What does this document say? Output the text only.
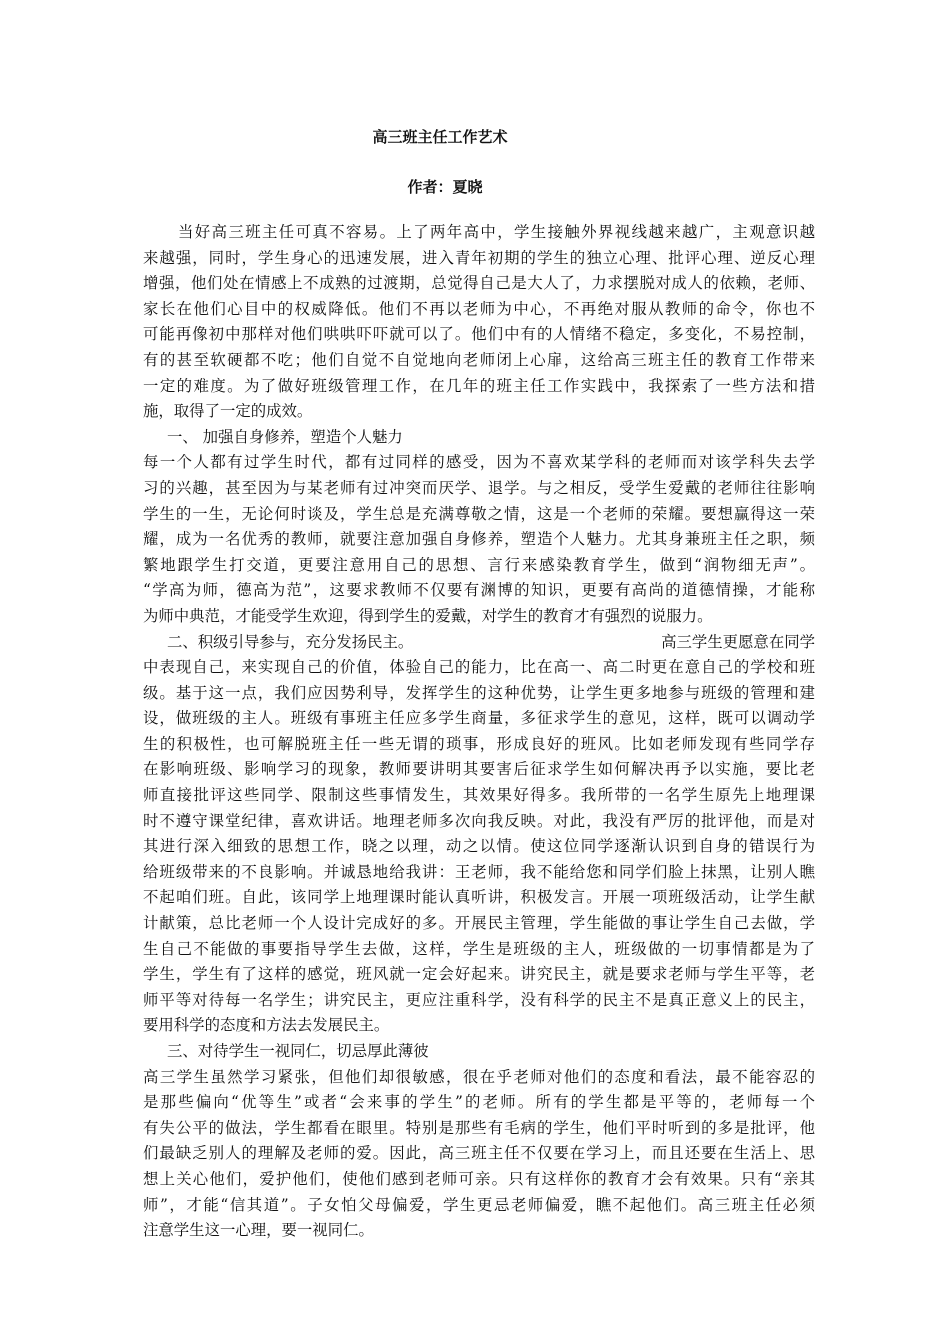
高三班主任工作艺术
作者：夏晓
当好高三班主任可真不容易。上了两年高中，学生接触外界视线越来越广，主观意识越
来越强，同时，学生身心的迅速发展，进入青年初期的学生的独立心理、批评心理、逆反心理
增强，他们处在情感上不成熟的过渡期，总觉得自己是大人了，力求摆脱对成人的依赖，老师、
家长在他们心目中的权威降低。他们不再以老师为中心，不再绝对服从教师的命令，你也不
可能再像初中那样对他们哄哄吓吓就可以了。他们中有的人情绪不稳定，多变化，不易控制，
有的甚至软硬都不吃；他们自觉不自觉地向老师闭上心扉，这给高三班主任的教育工作带来
一定的难度。为了做好班级管理工作，在几年的班主任工作实践中，我探索了一些方法和措
施，取得了一定的成效。
一、 加强自身修养，塑造个人魅力
每一个人都有过学生时代，都有过同样的感受，因为不喜欢某学科的老师而对该学科失去学
习的兴趣，甚至因为与某老师有过冲突而厌学、退学。与之相反，受学生爱戴的老师往往影响
学生的一生，无论何时谈及，学生总是充满尊敬之情，这是一个老师的荣耀。要想赢得这一荣
耀，成为一名优秀的教师，就要注意加强自身修养，塑造个人魅力。尤其身兼班主任之职，频
繁地跟学生打交道，更要注意用自己的思想、言行来感染教育学生，做到“润物细无声”。
“学高为师，德高为范”，这要求教师不仅要有渊博的知识，更要有高尚的道德情操，才能称
为师中典范，才能受学生欢迎，得到学生的爱戴，对学生的教育才有强烈的说服力。
二、积级引导参与，充分发扬民主。	高三学生更愿意在同学
中表现自己，来实现自己的价值，体验自己的能力，比在高一、高二时更在意自己的学校和班
级。基于这一点，我们应因势利导，发挥学生的这种优势，让学生更多地参与班级的管理和建
设，做班级的主人。班级有事班主任应多学生商量，多征求学生的意见，这样，既可以调动学
生的积极性，也可解脱班主任一些无谓的琐事，形成良好的班风。比如老师发现有些同学存
在影响班级、影响学习的现象，教师要讲明其要害后征求学生如何解决再予以实施，要比老
师直接批评这些同学、限制这些事情发生，其效果好得多。我所带的一名学生原先上地理课
时不遵守课堂纪律，喜欢讲话。地理老师多次向我反映。对此，我没有严厉的批评他，而是对
其进行深入细致的思想工作，晓之以理，动之以情。使这位同学逐渐认识到自身的错误行为
给班级带来的不良影响。并诚恳地给我讲：王老师，我不能给您和同学们脸上抹黑，让别人瞧
不起咱们班。自此，该同学上地理课时能认真听讲，积极发言。开展一项班级活动，让学生献
计献策，总比老师一个人设计完成好的多。开展民主管理，学生能做的事让学生自己去做，学
生自己不能做的事要指导学生去做，这样，学生是班级的主人，班级做的一切事情都是为了
学生，学生有了这样的感觉，班风就一定会好起来。讲究民主，就是要求老师与学生平等，老
师平等对待每一名学生；讲究民主，更应注重科学，没有科学的民主不是真正意义上的民主，
要用科学的态度和方法去发展民主。
三、对待学生一视同仁，切忌厚此薄彼
高三学生虽然学习紧张，但他们却很敏感，很在乎老师对他们的态度和看法，最不能容忍的
是那些偏向“优等生”或者“会来事的学生”的老师。所有的学生都是平等的，老师每一个
有失公平的做法，学生都看在眼里。特别是那些有毛病的学生，他们平时听到的多是批评，他
们最缺乏别人的理解及老师的爱。因此，高三班主任不仅要在学习上，而且还要在生活上、思
想上关心他们，爱护他们，使他们感到老师可亲。只有这样你的教育才会有效果。只有“亲其
师”，才能“信其道”。子女怕父母偏爱，学生更忌老师偏爱，瞧不起他们。高三班主任必须
注意学生这一心理，要一视同仁。
